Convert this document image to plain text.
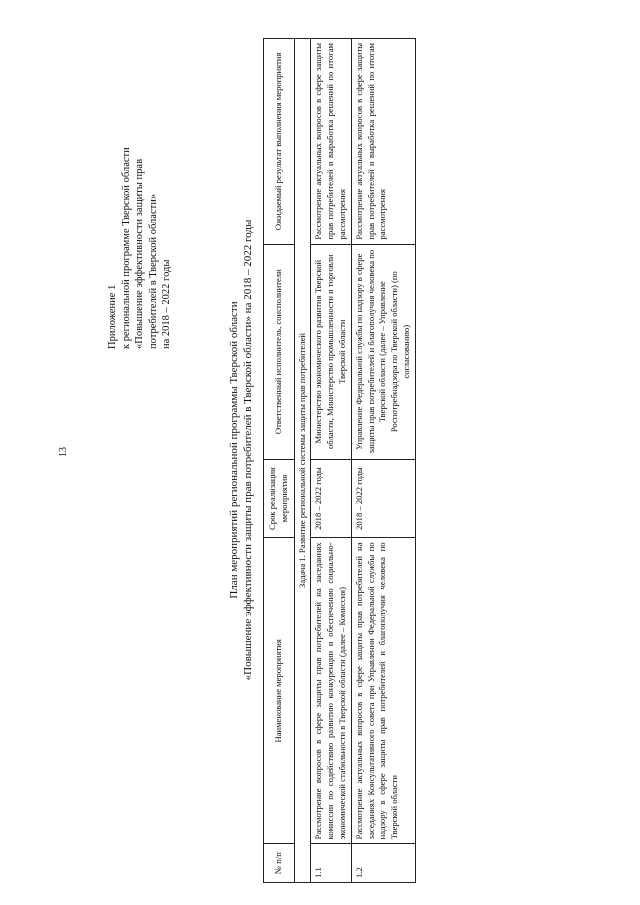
13
Приложение 1 к региональной программе Тверской области «Повышение эффективности защиты прав потребителей в Тверской области» на 2018 – 2022 годы	План мероприятий региональной программы Тверской области «Повышение эффективности защиты прав потребителей в Тверской области» на 2018 – 2022 годы
№ п/п	Наименование мероприятия	Срок реализации мероприятия	Ответственный исполнитель, соисполнители	Ожидаемый результат выполнения мероприятия
Задача 1. Развитие региональной системы защиты прав потребителей				
1.1	Рассмотрение вопросов в сфере защиты прав потребителей на заседаниях комиссии по содействию развитию конкуренции и обеспечению социально-экономической стабильности в Тверской области (далее – Комиссия)	2018 – 2022 годы	Министерство экономического развития Тверской области, Министерство промышленности и торговли Тверской области	Рассмотрение актуальных вопросов в сфере защиты прав потребителей и выработка решений по итогам рассмотрения
1.2	Рассмотрение актуальных вопросов в сфере защиты прав потребителей на заседаниях Консультативного совета при Управлении Федеральной службы по надзору в сфере защиты прав потребителей и благополучия человека по Тверской области	2018 – 2022 годы	Управление Федеральной службы по надзору в сфере защиты прав потребителей и благополучия человека по Тверской области (далее – Управление Роспотребнадзора по Тверской области) (по согласованию)	Рассмотрение актуальных вопросов в сфере защиты прав потребителей и выработка решений по итогам рассмотрения
